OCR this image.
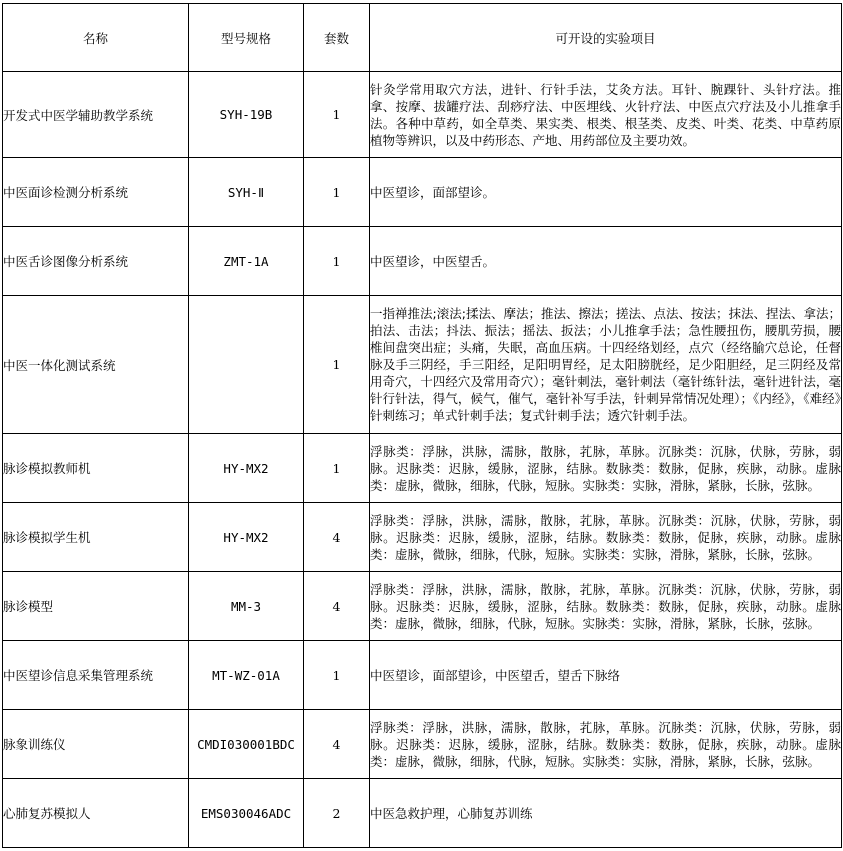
名称	型号规格	套数	可开设的实验项目
开发式中医学辅助教学系统	SYH-19B	1	针灸学常用取穴方法，进针、行针手法，艾灸方法。耳针、腕踝针、头针疗法。推拿、按摩、拔罐疗法、刮痧疗法、中医埋线、火针疗法、中医点穴疗法及小儿推拿手法。各种中草药，如全草类、果实类、根类、根茎类、皮类、叶类、花类、中草药原植物等辨识，以及中药形态、产地、用药部位及主要功效。
中医面诊检测分析系统	SYH-Ⅱ	1	中医望诊，面部望诊。
中医舌诊图像分析系统	ZMT-1A	1	中医望诊，中医望舌。
中医一体化测试系统		1	一指禅推法;滚法;揉法、摩法；推法、擦法；搓法、点法、按法；抹法、捏法、拿法；拍法、击法；抖法、振法；摇法、扳法；小儿推拿手法；急性腰扭伤，腰肌劳损，腰椎间盘突出症；头痛，失眠，高血压病。十四经络划经，点穴（经络腧穴总论，任督脉及手三阴经，手三阳经，足阳明胃经，足太阳膀胱经，足少阳胆经，足三阴经及常用奇穴，十四经穴及常用奇穴）；毫针刺法，毫针刺法（毫针练针法，毫针进针法，毫针行针法，得气，候气，催气，毫针补写手法，针刺异常情况处理）；《内经》，《难经》针刺练习；单式针刺手法；复式针刺手法；透穴针刺手法。
脉诊模拟教师机	HY-MX2	1	浮脉类：浮脉，洪脉，濡脉，散脉，芤脉，革脉。沉脉类：沉脉，伏脉，劳脉，弱脉。迟脉类：迟脉，缓脉，涩脉，结脉。数脉类：数脉，促脉，疾脉，动脉。虚脉类：虚脉，微脉，细脉，代脉，短脉。实脉类：实脉，滑脉，紧脉，长脉，弦脉。
脉诊模拟学生机	HY-MX2	4	浮脉类：浮脉，洪脉，濡脉，散脉，芤脉，革脉。沉脉类：沉脉，伏脉，劳脉，弱脉。迟脉类：迟脉，缓脉，涩脉，结脉。数脉类：数脉，促脉，疾脉，动脉。虚脉类：虚脉，微脉，细脉，代脉，短脉。实脉类：实脉，滑脉，紧脉，长脉，弦脉。
脉诊模型	MM-3	4	浮脉类：浮脉，洪脉，濡脉，散脉，芤脉，革脉。沉脉类：沉脉，伏脉，劳脉，弱脉。迟脉类：迟脉，缓脉，涩脉，结脉。数脉类：数脉，促脉，疾脉，动脉。虚脉类：虚脉，微脉，细脉，代脉，短脉。实脉类：实脉，滑脉，紧脉，长脉，弦脉。
中医望诊信息采集管理系统	MT-WZ-01A	1	中医望诊，面部望诊，中医望舌，望舌下脉络
脉象训练仪	CMDI030001BDC	4	浮脉类：浮脉，洪脉，濡脉，散脉，芤脉，革脉。沉脉类：沉脉，伏脉，劳脉，弱脉。迟脉类：迟脉，缓脉，涩脉，结脉。数脉类：数脉，促脉，疾脉，动脉。虚脉类：虚脉，微脉，细脉，代脉，短脉。实脉类：实脉，滑脉，紧脉，长脉，弦脉。
心肺复苏模拟人	EMS030046ADC	2	中医急救护理，心肺复苏训练
